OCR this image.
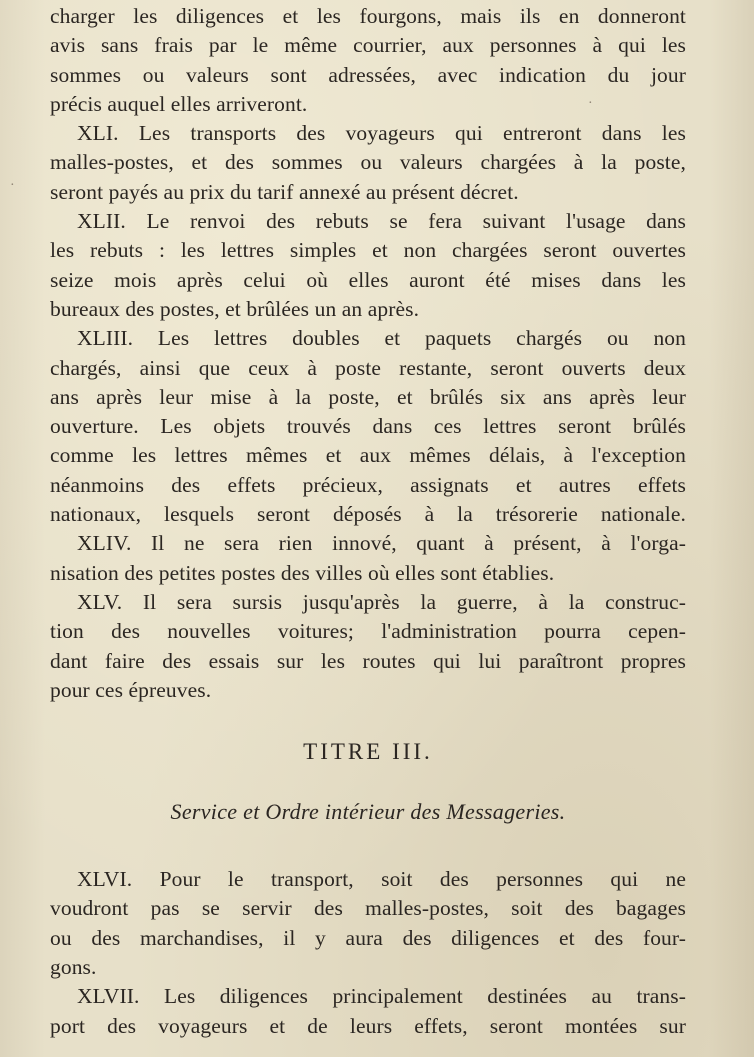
charger les diligences et les fourgons, mais ils en donneront
avis sans frais par le même courrier, aux personnes à qui les
sommes ou valeurs sont adressées, avec indication du jour
précis auquel elles arriveront.
XLI. Les transports des voyageurs qui entreront dans les
malles-postes, et des sommes ou valeurs chargées à la poste,
seront payés au prix du tarif annexé au présent décret.
XLII. Le renvoi des rebuts se fera suivant l'usage dans
les rebuts : les lettres simples et non chargées seront ouvertes
seize mois après celui où elles auront été mises dans les
bureaux des postes, et brûlées un an après.
XLIII. Les lettres doubles et paquets chargés ou non
chargés, ainsi que ceux à poste restante, seront ouverts deux
ans après leur mise à la poste, et brûlés six ans après leur
ouverture. Les objets trouvés dans ces lettres seront brûlés
comme les lettres mêmes et aux mêmes délais, à l'exception
néanmoins des effets précieux, assignats et autres effets
nationaux, lesquels seront déposés à la trésorerie nationale.
XLIV. Il ne sera rien innové, quant à présent, à l'orga-
nisation des petites postes des villes où elles sont établies.
XLV. Il sera sursis jusqu'après la guerre, à la construc-
tion des nouvelles voitures; l'administration pourra cepen-
dant faire des essais sur les routes qui lui paraîtront propres
pour ces épreuves.
TITRE III.
Service et Ordre intérieur des Messageries.
XLVI. Pour le transport, soit des personnes qui ne
voudront pas se servir des malles-postes, soit des bagages
ou des marchandises, il y aura des diligences et des four-
gons.
XLVII. Les diligences principalement destinées au trans-
port des voyageurs et de leurs effets, seront montées sur
·
·
